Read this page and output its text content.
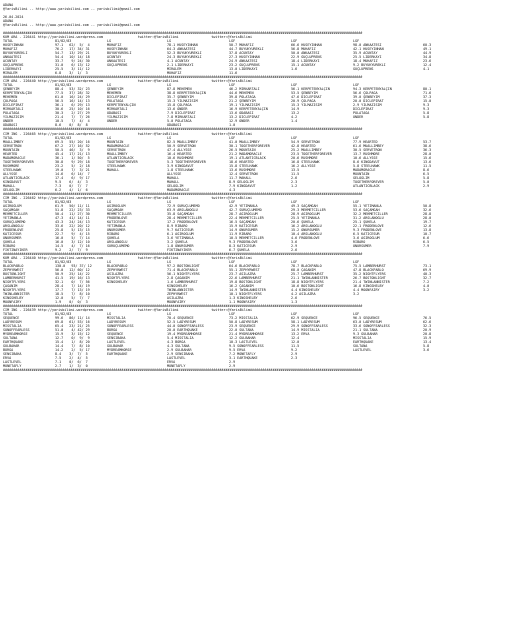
ADANA
@YarisBilimi -- http://www.yarisbilimi.com -- yarisbilimi@gmail.com
26.04.2024
ADANA
@YarisBilimi -- http://www.yarisbilimi.com -- yarisbilimi@gmail.com
################################################################################################################################################################################
KUM ARA - 226441 http://yarisbilimi.wordpress.com                 twitter:@YarisBilimi                twitter:@YarisBilimi
TOTAL	81/82/83	LG	LG	LGF	LGF	LGF
HÜSEYINHAN	97.1   62/  5/  4	MUHAFIZ	78.1 HÜSEYINHAN	50.7 MUHAFIZ	66.6 HÜSEYINHAN	98.0 ANKAATESI	60.3
MUHAFIZ	76.2   17/ 34/ 31	HÜSEYINHAN	64.3 ANKAATESI	44.7 BÜYÜKYÜREKLI	56.8 MUHAFIZ	42.1 HÜSEYINHAN	49.1
BÜYÜKYÜREKLI	54.7   13/ 29/ 21	BÜYÜKYÜREKLI	52.3 BÜYÜKYÜREKLI	37.8 ACUNTAY	50.0 ANKAATESI	35.9 ACUNTAY	44.9
ANKAATESI	54.4   10/ 14/ 18	ACUNTAY	24.3 BÜYÜKYÜREKLI	27.3 HÜSEYINHAN	22.9 GÜÇLÜPRENS	25.5 LIDERKAYI	34.8
ACUNTAY	33.7    9/ 24/ 30	ANKAATESI	4.1 ACUNTAY	24.9 ANKAATESI	18.4 LIDERKAYI	18.4 MUHAFIZ	23.6
GÜÇLÜPRENS	31.0    6/ 13/ 12	GÜÇLÜPRENS	2.1 LIDERKAYI	23.2 GÜÇLÜPRENS	15.1 ACUNTAY	9.2 BÜYÜKYÜREKLI	12.4
LIDERKAYI	25.5    3/ 11/ 12	MIRALEM	13.0 LIDERKAYI	1.6	GÜÇLÜPRENS	4.1
MIRALEM	6.8    3/  1/  3	MUHAFIZ	11.6
################################################################################################################################################################################
CIM ARA - 226440 http://yarisbilimi.wordpress.com                 twitter:@YarisBilimi                twitter:@YarisBilimi
TOTAL	81/82/83	LG	LG	LGF	LGF	LGF
ŞENBEYIM	88.4   53/ 32/ 23	ŞENBEYIM	87.8 MEHEMEN	46.2 MIRKARTALI	56.1 KERPETENYALÇIN	94.3 KERPETENYALÇIN	80.1
KERPETENYALÇIN	77.5   37/ 28/ 32	MEHEMEN	38.8 KERPETENYALÇIN	44.6 MEHEMEN	53.5 ŞENBEYIM	56.6 ÇOLPAGA	71.6
MEHEMEN	61.0   16/ 24/ 29	DICLEPIRAT	35.7 ŞENBEYIM	39.8 POLATAĞA	47.6 DICLEPIRAT	39.0 ŞENBEYIM	37.3
ÇOLPAGA	56.5   16/ 14/ 13	POLATAĞA	15.3 YILMAZISIM	21.2 ŞENBEYIM	20.9 ÇOLPAGA	20.0 DICLEPIRAT	15.0
DICLEPIRAT	36.1    6/ 29/ 13	KERPETENYALÇIN	15.8 ÇOLPAGA	19.1 YILMAZISIM	15.3 YILMAZISIM	2.9 YILMAZISIM	9.3
MIRKARTALI	30.6   25/ 10/ 16	MIRKARTALI	13.6 ÖNDER	16.9 KERPETENYALÇIN	14.9	DICLEPIRAT	9.3
POLATAĞA	30.3    2/ 27/ 29	ODABASI	7.9 DICLEPIRAT	13.6 ODABASI	13.2	POLATAĞA	5.8
YILMAZISIM	21.4    7/  7/ 26	YILMAZISIM	7.8 MIRKARTALI	13.2 DICLEPIRAT	4.2	ÖNDER	5.8
ÖNDER	10.5    7/  4/  4	ÖNDER	5.0 POLATAĞA	12.9 ÖNDER	1.4
ODABASI	8.6    0/  8/  8	ODABASI	1.0
################################################################################################################################################################################
CIM ING - 226465 http://yarisbilimi.wordpress.com                 twitter:@YarisBilimi                twitter:@YarisBilimi
TOTAL	81/82/83	LG	LG	LGF	LGF	LGF
MUALLIMBEY	69.5   55/ 20/ 16	MOUNTAIN	82.5 MUALLIMBEY	41.0 MUALLIMBEY	54.9 SERVETRON	77.9 HEARTED	53.7
SERVETRON	67.2   27/ 16/ 52	MADAMORACLE	50.9 SERVETRON	30.1 TOGETHERFOREVER	42.8 HEARTED	61.6 MUALLIMBEY	38.6
MOUNTAIN	50.5   46/  3/  9	SERVETRON	47.4 ALLYSSE	26.5 MOUNTAIN	25.2 MUALLIMBEY	30.5 SERVETRON	36.3
HEARTED	45.4   17/ 21/ 13	MUALLIMBEY	16.4 HEARTED	21.2 MADAMORACLE	23.5 TOGETHERFOREVER	13.7 RUSHMORE	28.0
MADAMORACLE	36.1    1/ 50/  5	ATLANTICBLACK	10.6 RUSHMORE	19.1 ATLANTICBLACK	20.6 RUSHMORE	10.6 ALLYSSE	15.6
TOGETHERFOREVER	30.8    9/ 29/ 18	TOGETHERFOREVER	5.3 TOGETHERFOREVER	18.6 HEARTED	16.8 STEELHAWK	8.6 KINGDAVUT	13.6
RUSHMORE	23.2    5/  2/ 18	STEELHAWK	3.9 KINGDAVUT	15.8 STEELHAWK	16.2 ALLYSSE	5.8 STEELHAWK	11.5
STEELHAWK	19.0    7/  3/ 21	MAHALL	1.8 STEELHAWK	13.6 RUSHMORE	13.5	MADAMORACLE	8.6
ALLYSSE	14.6    6/ 14/  7	ALLYSSE	12.4 SERVETRON	11.5	MOUNTAIN	6.5
ATLANTICBLACK	17.4    6/  9/ 17	MAHALL	11.7 MAHALL	2.6	GELOGLIM	5.8
KINGDAVUT	9.5    6/  4/  3	MAHALL	8.9 GELOGLIM	2.3	TOGETHERFOREVER	5.0
MAHALL	7.3    0/  7/  7	GELOGLIM	7.9 KINGDAVUT	1.2	ATLANTICBLACK	2.9
GELOGLIM	6.2    4/  1/  6	MADAMORACLE	4.3
################################################################################################################################################################################
CIM ING - 226462 http://yarisbilimi.wordpress.com                 twitter:@YarisBilimi                twitter:@YarisBilimi
TOTAL	81/82/83	LG	LG	LGF	LGF	LGF
AĞIROĞLUM	61.9   50/ 11/ 11	AĞIROĞLUM	72.9 SURUÇLUMEMO	42.9 YETIMANLA	49.3 SAÇAMGAH	55.1 YETIMANLA	50.8
SAÇAMGAH	51.8   22/ 23/ 33	SAÇAMGAH	63.9 ARSLANOĞLU	42.7 SURUÇLUMEMO	29.3 MEHMETCILLER	53.6 SAÇAMGAH	32.6
MEHMETCILLER	50.4   11/ 27/ 30	MEHMETCILLER	35.8 SAÇAMGAH	28.7 AĞIROĞLUM	28.9 AĞIROĞLUM	32.2 MEHMETCILLER	28.8
YETIMANLA	47.3   41/ 14/ 11	FRODENLOVE	28.4 MEHMETCILLER	22.4 MEHMETCILLER	25.5 YETIMANLA	31.2 ARSLANOĞLU	28.0
SURUÇLUMEMO	43.3   24/ 24/ 13	KATICESUR	17.2 FRODENLOVE	16.5 SAÇAMGAH	20.6 ŞUHELA	25.1 ŞUHELA	19.7
ARSLANOĞLU	33.6   22/ 20/ 12	YETIMANLA	8.9 RIBARO	15.9 KATICESUR	16.2 ARSLANOĞLU	22.1 FRODENLOVE	12.6
FRODENLOVE	25.8    5/ 13/ 15	ONURSÜMER	9.7 KATICESUR	14.9 ONURSÜMER	15.2 ONURSÜMER	9.3 FRODENLOVE	13.8
KATICESUR	22.7    9/  4/ 15	RIBARO	6.1 AĞIROĞLUM	11.9 RIBARO	10.4 ARSLANOĞLU	6.5 KATICESUR	10.7
ONURSÜMER	16.0    5/  7/ 14	ŞUHELA	3.6 YETIMANLA	10.5 MEHMETCILLER	4.6 FRODENLOVE	3.6 AĞIROĞLUM	6.6
ŞUHELA	16.0    3/ 12/ 10	ARSLANOĞLU	3.2 ŞUHELA	9.3 FRODENLOVE	3.6	RIBARO	6.5
RIBARO	14.5    4/  7/ 16	SURUÇLUMEMO	1.8 ONURSÜMER	8.3 KATICESUR	2.9	ONURSÜMER	7.9
FIKTINAYIKER	9.2    2/  7/  9	FIKTINAYIKER	6.7 ŞUHELA	2.6
################################################################################################################################################################################
KUM ARA - 226440 http://yarisbilimi.wordpress.com                 twitter:@YarisBilimi                twitter:@YarisBilimi
TOTAL	81/82/83	LG	LG	LGF	LGF	LGF
BLACKPABLO	130.0   93/ 37/ 12	BLACKPABLO	97.2 BOSTONLIGHT	64.6 BLACKPABLO	78.7 BLACKPABLO	75.5 LAMBERHURST	73.1
ZEPHYRWEST	56.0   12/ 60/ 12	ZEPHYRWEST	71.4 BLACKPABLO	55.1 ZEPHYRWEST	68.0 ÇAĞANIM	47.8 BLACKPABLO	69.9
BOSTONLIGHT	50.9   25/ 14/ 22	ASILAZRA	56.1 NIGHTFLYERS	23.7 ASILAZRA	25.7 LAMBERHURST	35.2 NIGHTFLYERS	40.3
LAMBERHURST	41.5   19/ 16/ 13	NIGHTFLYERS	2.8 ÇAĞANIM	22.6 LAMBERHURST	21.1 TWINLANNISTER	26.7 BOSTONLIGHT	32.7
NIGHTFLYERS	32.1    0/  7/ 56	KINGSHELBY	1.6 LAMBERHURST	19.8 BOSTONLIGHT	18.8 NIGHTFLYERS	21.4 TWINLANNISTER	7.2
ÇAĞANIM	28.4    7/ 14/ 19	KINGSHELBY	16.2 ÇAĞANIM	10.6 BOSTONLIGHT	16.8 KINGSHELBY	4.0
NIGHTFLYERS	17.7    7/ 13/ 19	TWINLANNISTER	14.9 TWINLANNISTER	4.4 KINGSHELBY	4.4 MOONFAIRY	3.2
TWINLANNISTER	18.5    7/  8/ 10	ZEPHYRWEST	10.1 NIGHTFLYERS	4.2 ASILAZRA	3.2
KINGSHELBY	12.0    5/  7/  7	ASILAZRA	1.3 KINGSHELBY	2.6
MOONFAIRY	1.9    0/  0/  3	MOONFAIRY	1.1 MOONFAIRY	1.3
################################################################################################################################################################################
CIM ING - 226439 http://yarisbilimi.wordpress.com                 twitter:@YarisBilimi                twitter:@YarisBilimi
TOTAL	81/82/83	LG	LG	LGF	LGF	LGF
SEQUENCE	99.6   86/ 11/ 14	MISSTALIA	70.4 SEQUENCE	73.2 MISSTALIA	62.9 SEQUENCE	96.5 SEQUENCE	76.5
LADYRESUM	69.8   61/ 53/ 16	LADYRESUM	52.5 LADYRESUM	50.8 LADYRESUM	58.1 LADYRESUM	63.0 LADYRESUM	62.6
MISSTALIA	65.4   23/ 21/ 25	SONOFFEARLESS	44.0 SONOFFEARLESS	23.9 SEQUENCE	29.9 SONOFFEARLESS	33.6 SONOFFEARLESS	32.3
SONOFFEARLESS	51.0    4/ 42/ 29	BORGA	20.0 EARTHQUAKE	22.0 SULTANA	14.9 MISSTALIA	21.1 SULTANA	20.9
MYDREAMHORSE	15.9    3/ 15/ 12	SEQUENCE	19.4 MYDREAMHORSE	21.4 MYDREAMHORSE	13.2 ERVA	9.3 GÜLBAHAR	20.8
SULTANA	12.7    0/  9/  9	SENSIBAHA	5.4 MISSTALIA	12.2 GÜLBAHAR	12.4	MISSTALIA	15.9
EARTHQUAKE	15.4    1/  8/ 20	LASTLEVEL	4.3 BORGA	10.3 LASTLEVEL	12.0	EARTHQUAKE	13.4
GÜLBAHAR	14.4    7/  8/ 10	GÜLBAHAR	4.3 SULTANA	9.5 SONOFFEARLESS	11.5	SULTANA	5.8
BORGA	14.2    2/  5/ 17	MYDREAMHORSE	2.9 GÜLBAHAR	9.5 ERVA	9.2	LASTLEVEL	3.6
SENSIBAHA	8.4    3/  7/  5	EARTHQUAKE	2.9 SENSIBAHA	7.2 MONETAFLY	2.9
ERVA	7.5    2/  4/  5	LASTLEVEL	3.1 EARTHQUAKE	2.3
LASTLEVEL	7.1    0/  6/  7	ERVA	2.9
MONETAFLY	2.7    1/  3/  0	MONETAFLY	2.9
################################################################################################################################################################################
